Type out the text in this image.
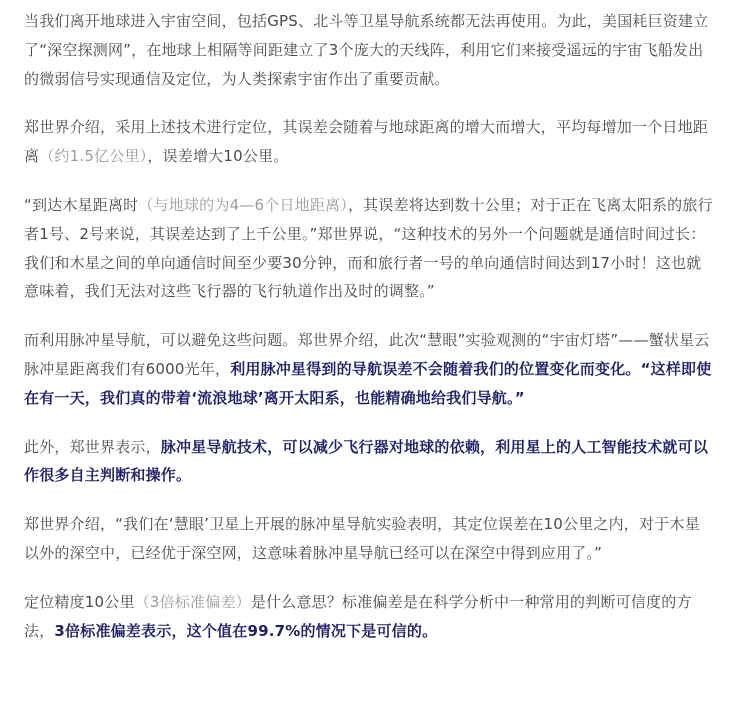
当我们离开地球进入宇宙空间，包括GPS、北斗等卫星导航系统都无法再使用。为此，美国耗巨资建立了“深空探测网”，在地球上相隔等间距建立了3个庞大的天线阵，利用它们来接受遥远的宇宙飞船发出的微弱信号实现通信及定位，为人类探索宇宙作出了重要贡献。

郑世界介绍，采用上述技术进行定位，其误差会随着与地球距离的增大而增大，平均每增加一个日地距离（约1.5亿公里），误差增大10公里。

“到达木星距离时（与地球的为4—6个日地距离），其误差将达到数十公里；对于正在飞离太阳系的旅行者1号、2号来说，其误差达到了上千公里。”郑世界说，“这种技术的另外一个问题就是通信时间过长：我们和木星之间的单向通信时间至少要30分钟，而和旅行者一号的单向通信时间达到17小时！这也就意味着，我们无法对这些飞行器的飞行轨道作出及时的调整。”

而利用脉冲星导航，可以避免这些问题。郑世界介绍，此次“慧眼”实验观测的“宇宙灯塔”——蟹状星云脉冲星距离我们有6000光年，利用脉冲星得到的导航误差不会随着我们的位置变化而变化。“这样即使在有一天，我们真的带着‘流浪地球’离开太阳系，也能精确地给我们导航。”

此外，郑世界表示，脉冲星导航技术，可以减少飞行器对地球的依赖，利用星上的人工智能技术就可以作很多自主判断和操作。

郑世界介绍，“我们在‘慧眼’卫星上开展的脉冲星导航实验表明，其定位误差在10公里之内，对于木星以外的深空中，已经优于深空网，这意味着脉冲星导航已经可以在深空中得到应用了。”

定位精度10公里（3倍标准偏差）是什么意思？标准偏差是在科学分析中一种常用的判断可信度的方法，3倍标准偏差表示，这个值在99.7%的情况下是可信的。
